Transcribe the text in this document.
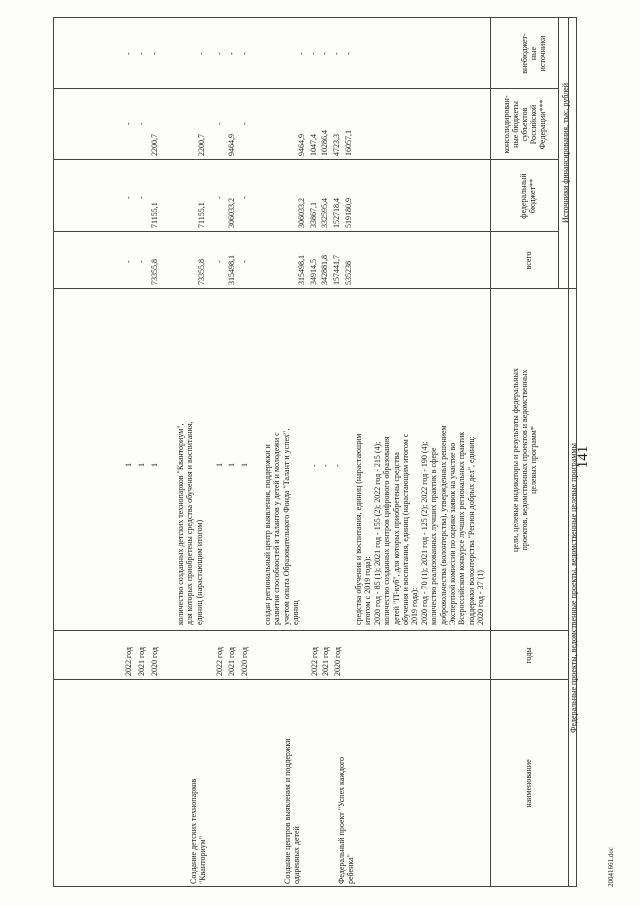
141
20041661.doc
Федеральные проекты, ведомственные проекты, ведомственные целевые программы
Источники финансирования, тыс. рублей
наименование
годы
цели, целевые индикаторы и результаты федеральных проектов, ведомственных проектов и ведомственных целевых программ*
всего
федеральный бюджет**
консолидирован- ные бюджеты субъектов Российской Федерации***
внебюджет- ные источники
средства обучения и воспитания, единиц (нарастающим итогом с 2019 года): 2020 год - 85 (1); 2021 год - 155 (2); 2022 год - 215 (4); количество созданных центров цифрового образования детей "IT-куб", для которых приобретены средства обучения и воспитания, единиц (нарастающим итогом с 2019 года): 2020 год - 70 (1); 2021 год - 125 (2); 2022 год - 190 (4); количество реализованных лучших практик в сфере добровольчества (волонтерства), утвержденных решением Экспертной комиссии по оценке заявок на участие во Всероссийском конкурсе лучших региональных практик поддержки волонтерства "Регион добрых дел", единиц: 2020 год - 37 (1)
Федеральный проект "Успех каждого ребенка"
2020 год
2021 год
2022 год
-
-
-
535238
519180,9
16057,1
-
157441,7
152718,4
4723,3
-
342881,8
332595,4
10286,4
-
34914,5
33867,1
1047,4
-
Создание центров выявления и поддержки одаренных детей
создан региональный центр выявления, поддержки и развития способностей и талантов у детей и молодежи с учетом опыта Образовательного Фонда "Талант и успех", единиц
315498,1
306033,2
9464,9
-
2020 год
1
-
-
-
-
2021 год
1
315498,1
306033,2
9464,9
-
2022 год
1
-
-
-
-
Создание детских технопарков "Кванториум"
количество созданных детских технопарков "Кванториум", для которых приобретены средства обучения и воспитания, единиц (нарастающим итогом)
73355,8
71155,1
2200,7
-
2020 год
1
73355,8
71155,1
2200,7
-
2021 год
1
-
-
-
-
2022 год
1
-
-
-
-
